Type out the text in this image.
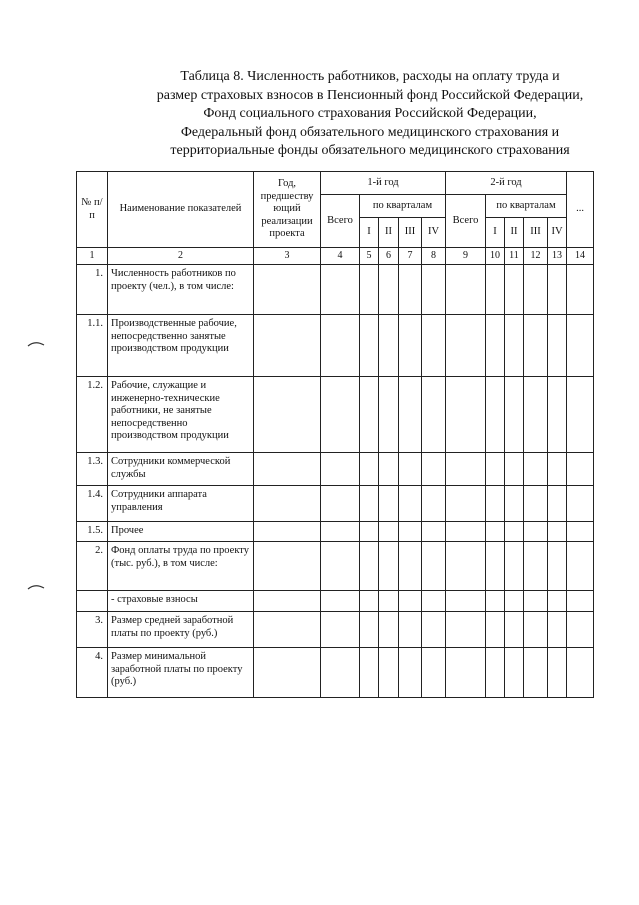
Таблица 8. Численность работников, расходы на оплату труда и
размер страховых взносов в Пенсионный фонд Российской Федерации,
Фонд социального страхования Российской Федерации,
Федеральный фонд обязательного медицинского страхования и
территориальные фонды обязательного медицинского страхования
№ п/п	Наименование показателей	Год, предшеству ющий реализации проекта	1-й год					2-й год					...
			Всего	по кварталам				Всего	по кварталам				
				I	II	III	IV		I	II	III	IV	
1	2	3	4	5	6	7	8	9	10	11	12	13	14
1.	Численность работников по проекту (чел.), в том числе:												
1.1.	Производственные рабочие, непосредственно занятые производством продукции												
1.2.	Рабочие, служащие и инженерно-технические работники, не занятые непосредственно производством продукции												
1.3.	Сотрудники коммерческой службы												
1.4.	Сотрудники аппарата управления												
1.5.	Прочее												
2.	Фонд оплаты труда по проекту (тыс. руб.), в том числе:												
	- страховые взносы												
3.	Размер средней заработной платы по проекту (руб.)												
4.	Размер минимальной заработной платы по проекту (руб.)												
